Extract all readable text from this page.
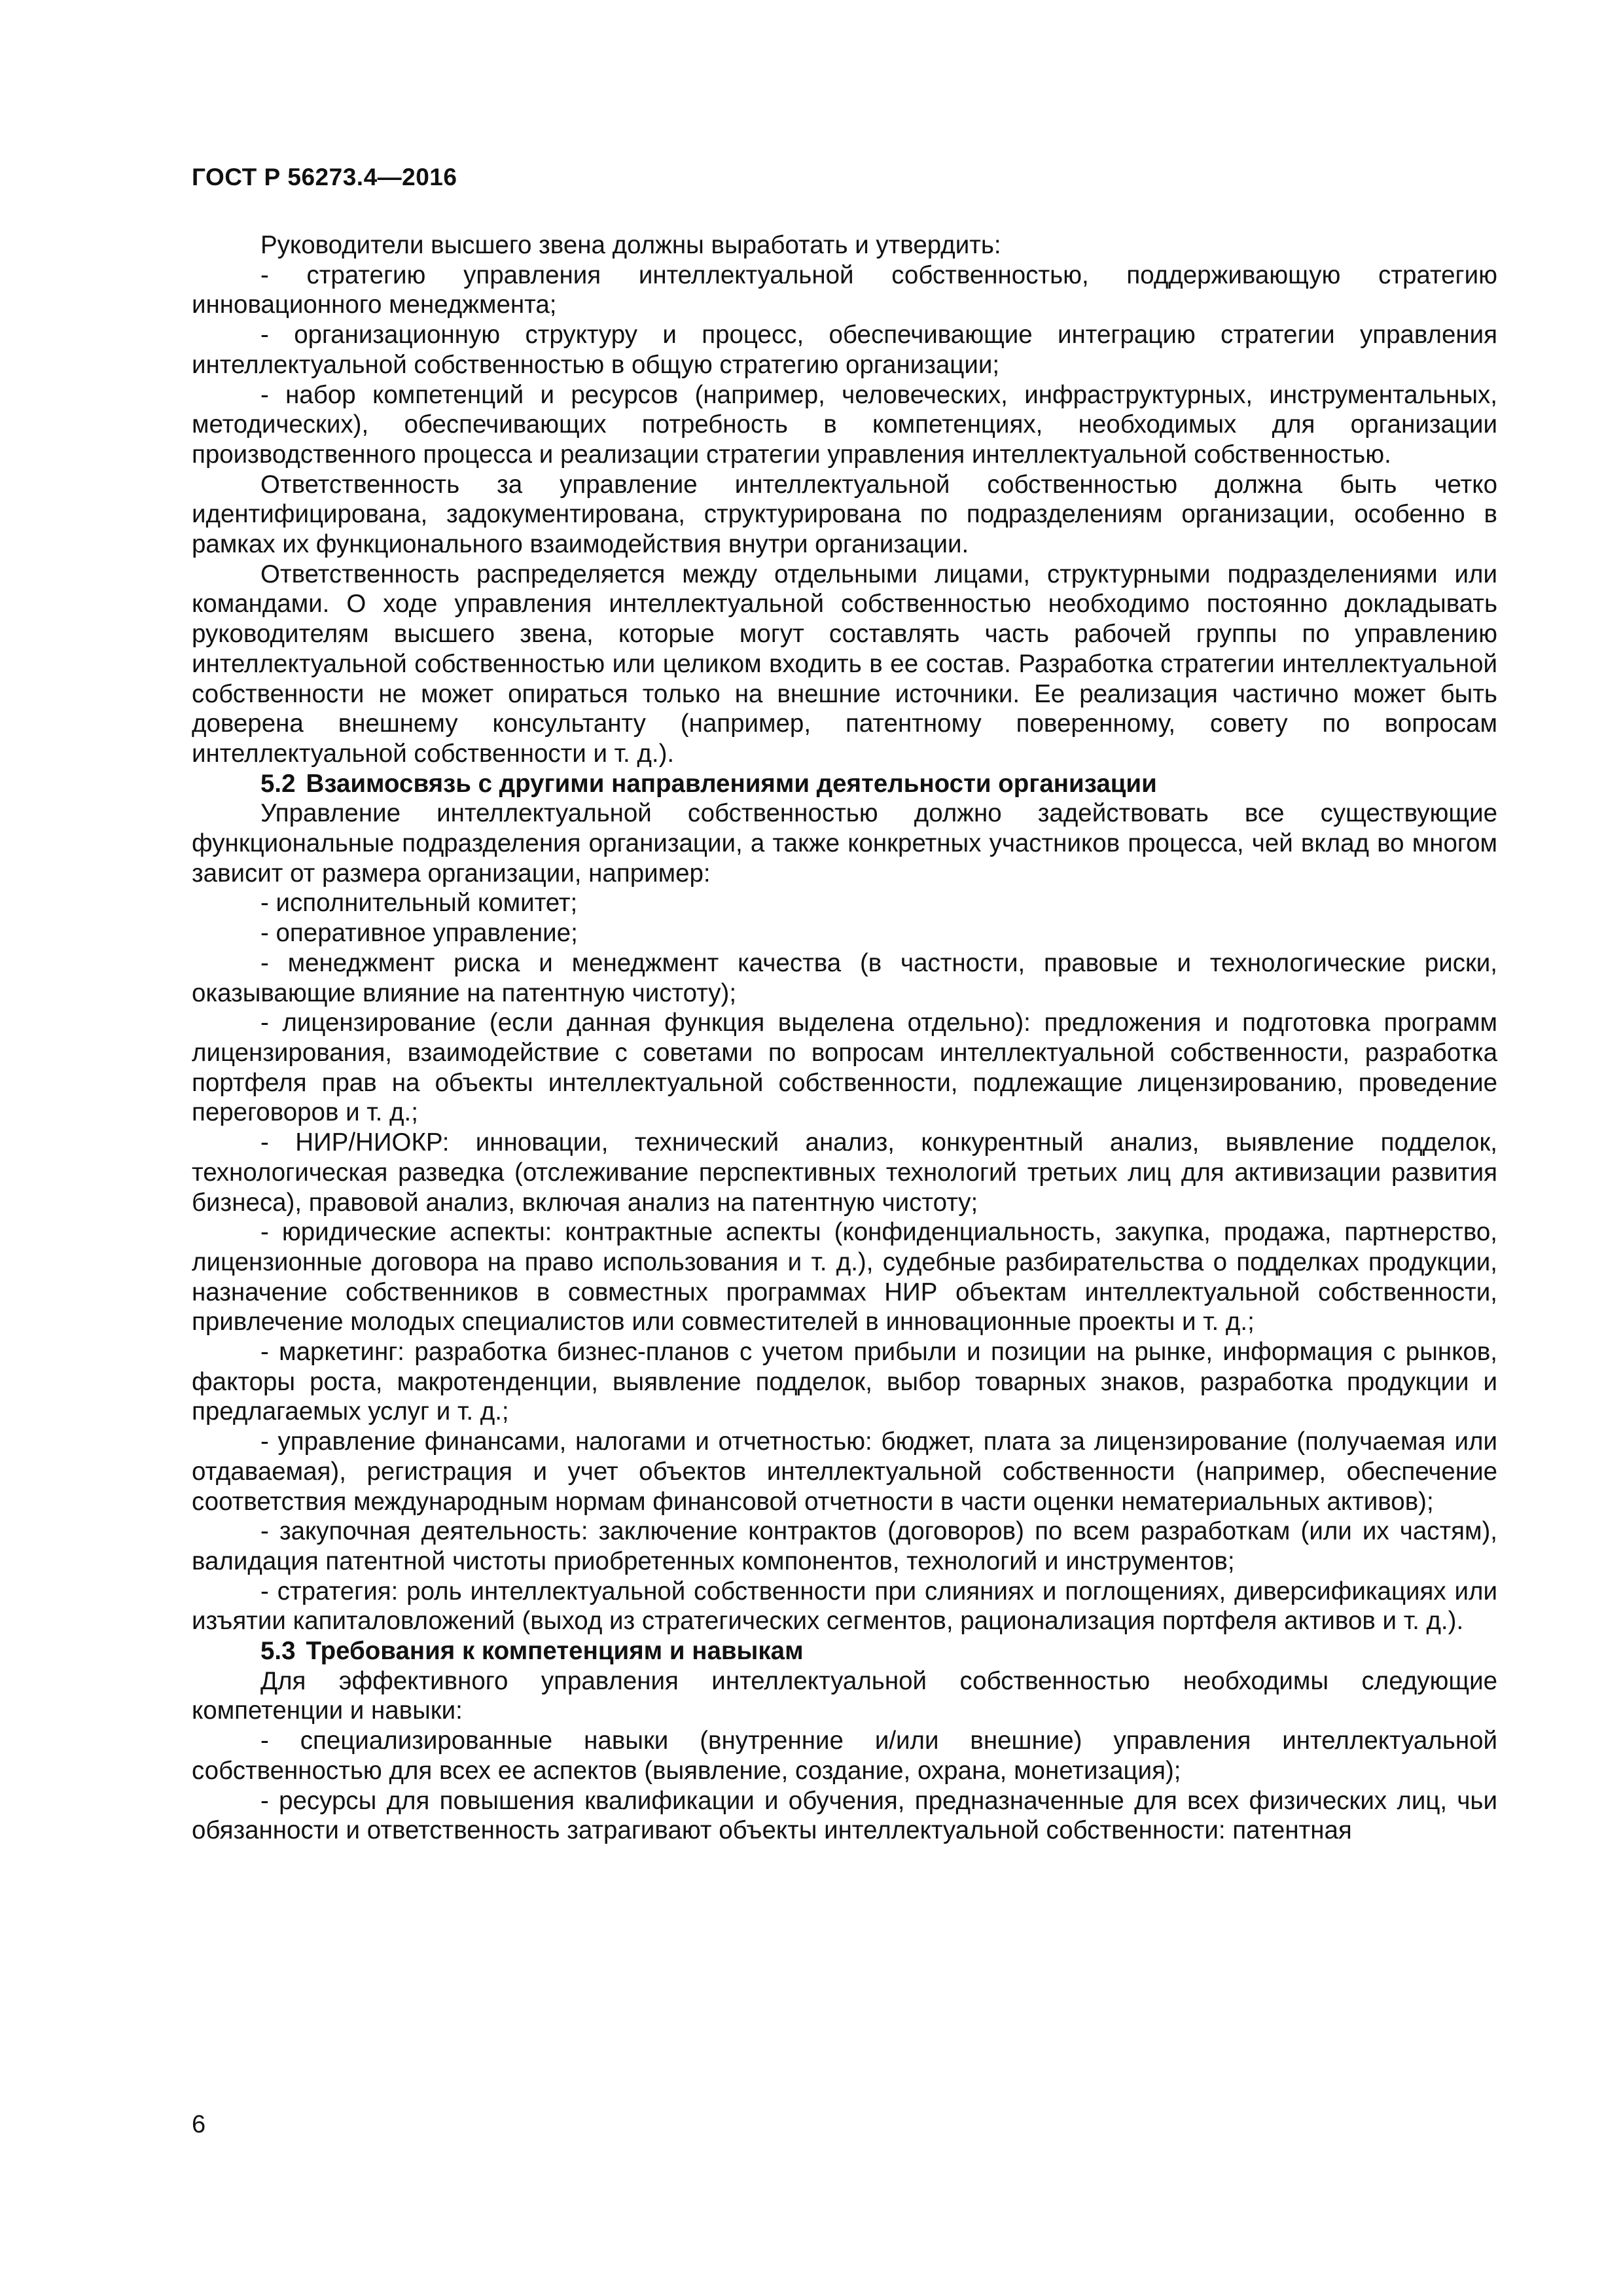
ГОСТ Р 56273.4—2016

Руководители высшего звена должны выработать и утвердить:

- стратегию управления интеллектуальной собственностью, поддерживающую стратегию инновационного менеджмента;

- организационную структуру и процесс, обеспечивающие интеграцию стратегии управления интеллектуальной собственностью в общую стратегию организации;

- набор компетенций и ресурсов (например, человеческих, инфраструктурных, инструментальных, методических), обеспечивающих потребность в компетенциях, необходимых для организации производственного процесса и реализации стратегии управления интеллектуальной собственностью.

Ответственность за управление интеллектуальной собственностью должна быть четко идентифицирована, задокументирована, структурирована по подразделениям организации, особенно в рамках их функционального взаимодействия внутри организации.

Ответственность распределяется между отдельными лицами, структурными подразделениями или командами. О ходе управления интеллектуальной собственностью необходимо постоянно докладывать руководителям высшего звена, которые могут составлять часть рабочей группы по управлению интеллектуальной собственностью или целиком входить в ее состав. Разработка стратегии интеллектуальной собственности не может опираться только на внешние источники. Ее реализация частично может быть доверена внешнему консультанту (например, патентному поверенному, совету по вопросам интеллектуальной собственности и т. д.).

5.2 Взаимосвязь с другими направлениями деятельности организации

Управление интеллектуальной собственностью должно задействовать все существующие функциональные подразделения организации, а также конкретных участников процесса, чей вклад во многом зависит от размера организации, например:

- исполнительный комитет;

- оперативное управление;

- менеджмент риска и менеджмент качества (в частности, правовые и технологические риски, оказывающие влияние на патентную чистоту);

- лицензирование (если данная функция выделена отдельно): предложения и подготовка программ лицензирования, взаимодействие с советами по вопросам интеллектуальной собственности, разработка портфеля прав на объекты интеллектуальной собственности, подлежащие лицензированию, проведение переговоров и т. д.;

- НИР/НИОКР: инновации, технический анализ, конкурентный анализ, выявление подделок, технологическая разведка (отслеживание перспективных технологий третьих лиц для активизации развития бизнеса), правовой анализ, включая анализ на патентную чистоту;

- юридические аспекты: контрактные аспекты (конфиденциальность, закупка, продажа, партнерство, лицензионные договора на право использования и т. д.), судебные разбирательства о подделках продукции, назначение собственников в совместных программах НИР объектам интеллектуальной собственности, привлечение молодых специалистов или совместителей в инновационные проекты и т. д.;

- маркетинг: разработка бизнес-планов с учетом прибыли и позиции на рынке, информация с рынков, факторы роста, макротенденции, выявление подделок, выбор товарных знаков, разработка продукции и предлагаемых услуг и т. д.;

- управление финансами, налогами и отчетностью: бюджет, плата за лицензирование (получаемая или отдаваемая), регистрация и учет объектов интеллектуальной собственности (например, обеспечение соответствия международным нормам финансовой отчетности в части оценки нематериальных активов);

- закупочная деятельность: заключение контрактов (договоров) по всем разработкам (или их частям), валидация патентной чистоты приобретенных компонентов, технологий и инструментов;

- стратегия: роль интеллектуальной собственности при слияниях и поглощениях, диверсификациях или изъятии капиталовложений (выход из стратегических сегментов, рационализация портфеля активов и т. д.).

5.3 Требования к компетенциям и навыкам

Для эффективного управления интеллектуальной собственностью необходимы следующие компетенции и навыки:

- специализированные навыки (внутренние и/или внешние) управления интеллектуальной собственностью для всех ее аспектов (выявление, создание, охрана, монетизация);

- ресурсы для повышения квалификации и обучения, предназначенные для всех физических лиц, чьи обязанности и ответственность затрагивают объекты интеллектуальной собственности: патентная

6
